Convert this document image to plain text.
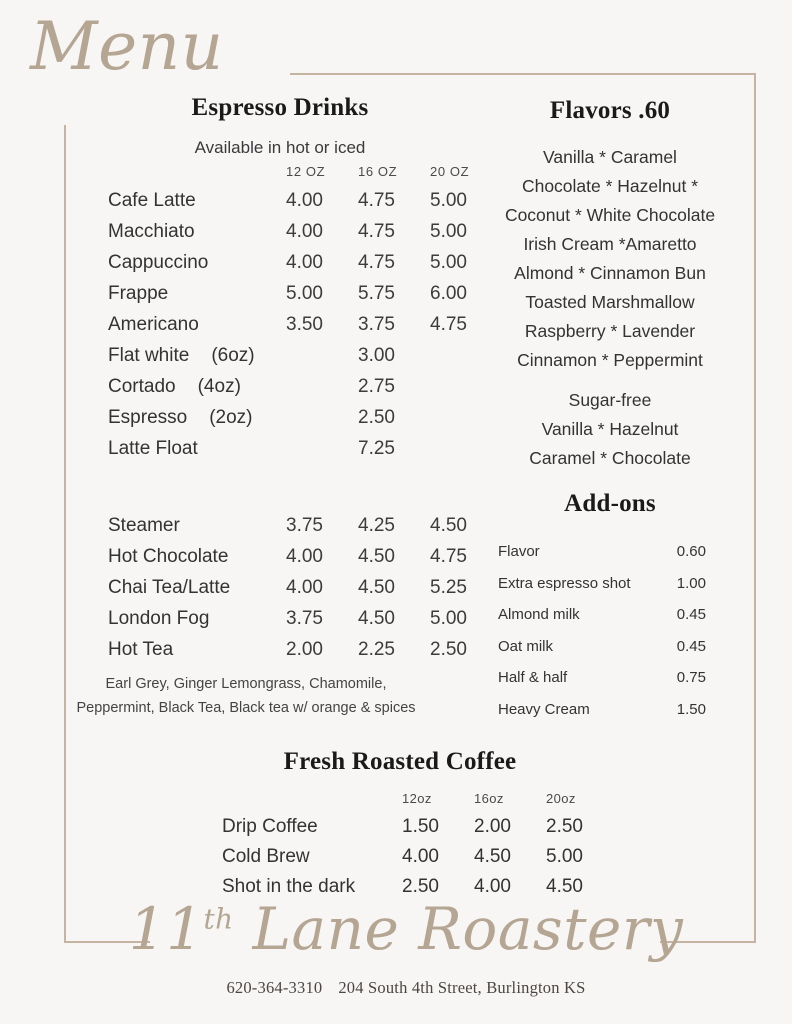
Menu
Espresso Drinks
Available in hot or iced
	12 OZ	16 OZ	20 OZ
Cafe Latte	4.00	4.75	5.00
Macchiato	4.00	4.75	5.00
Cappuccino	4.00	4.75	5.00
Frappe	5.00	5.75	6.00
Americano	3.50	3.75	4.75
Flat white (6oz)		3.00	
Cortado (4oz)		2.75	
Espresso (2oz)		2.50	
Latte Float		7.25	
Steamer	3.75	4.25	4.50
Hot Chocolate	4.00	4.50	4.75
Chai Tea/Latte	4.00	4.50	5.25
London Fog	3.75	4.50	5.00
Hot Tea	2.00	2.25	2.50
Earl Grey, Ginger Lemongrass, Chamomile,
Peppermint, Black Tea, Black tea w/ orange & spices
Flavors .60
Vanilla * Caramel
Chocolate * Hazelnut *
Coconut * White Chocolate
Irish Cream *Amaretto
Almond * Cinnamon Bun
Toasted Marshmallow
Raspberry * Lavender
Cinnamon * Peppermint
Sugar-free
Vanilla * Hazelnut
Caramel * Chocolate
Add-ons
Flavor	0.60
Extra espresso shot	1.00
Almond milk	0.45
Oat milk	0.45
Half & half	0.75
Heavy Cream	1.50
Fresh Roasted Coffee
	12oz	16oz	20oz
Drip Coffee	1.50	2.00	2.50
Cold Brew	4.00	4.50	5.00
Shot in the dark	2.50	4.00	4.50
11th Lane Roastery
620-364-3310 204 South 4th Street, Burlington KS
